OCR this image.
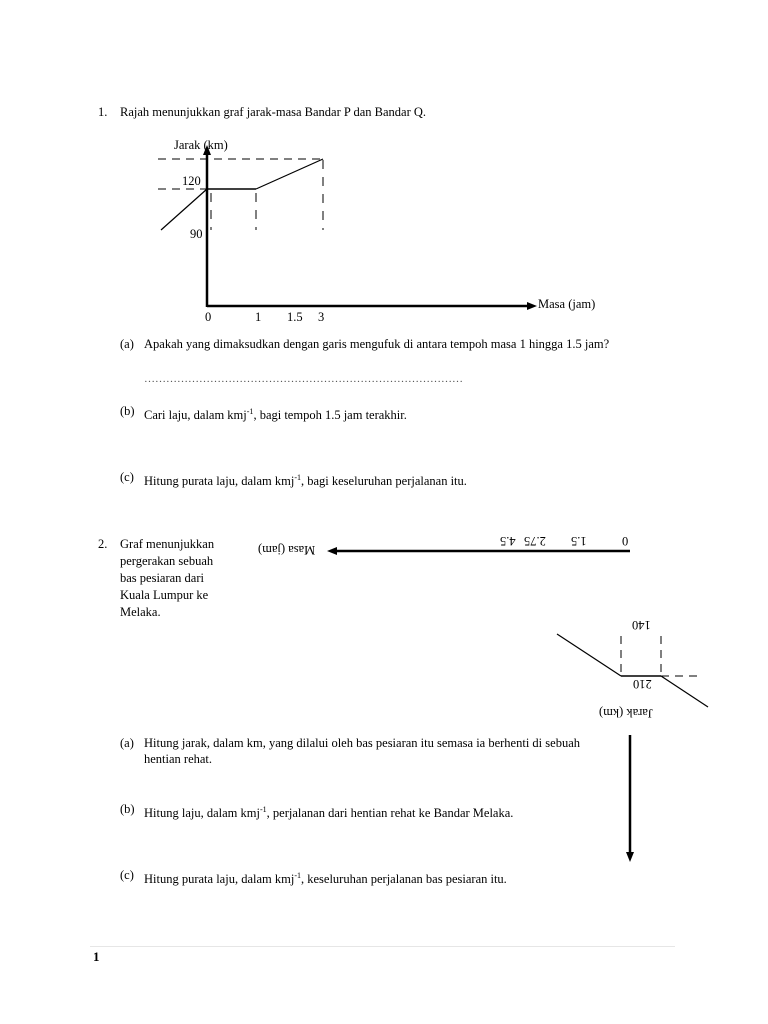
1. Rajah menunjukkan graf jarak-masa Bandar P dan Bandar Q.
Jarak (km)
120
90
Masa (jam)
0	1 1.5 3
(a) Apakah yang dimaksudkan dengan garis mengufuk di antara tempoh masa 1 hingga 1.5 jam?
……………………………………………………………………………
(b) Cari laju, dalam kmj$^{-1}$, bagi tempoh 1.5 jam terakhir.
(c) Hitung purata laju, dalam kmj$^{-1}$, bagi keseluruhan perjalanan itu.
2. Graf menunjukkan
pergerakan sebuah
bas pesiaran dari
Kuala Lumpur ke
Melaka.
Masa (jam)
0
1.5
2.75
4.5
140
210
Jarak (km)
(a) Hitung jarak, dalam km, yang dilalui oleh bas pesiaran itu semasa ia berhenti di sebuah
hentian rehat.
(b) Hitung laju, dalam kmj$^{-1}$, perjalanan dari hentian rehat ke Bandar Melaka.
(c) Hitung purata laju, dalam kmj$^{-1}$, keseluruhan perjalanan bas pesiaran itu.
1
